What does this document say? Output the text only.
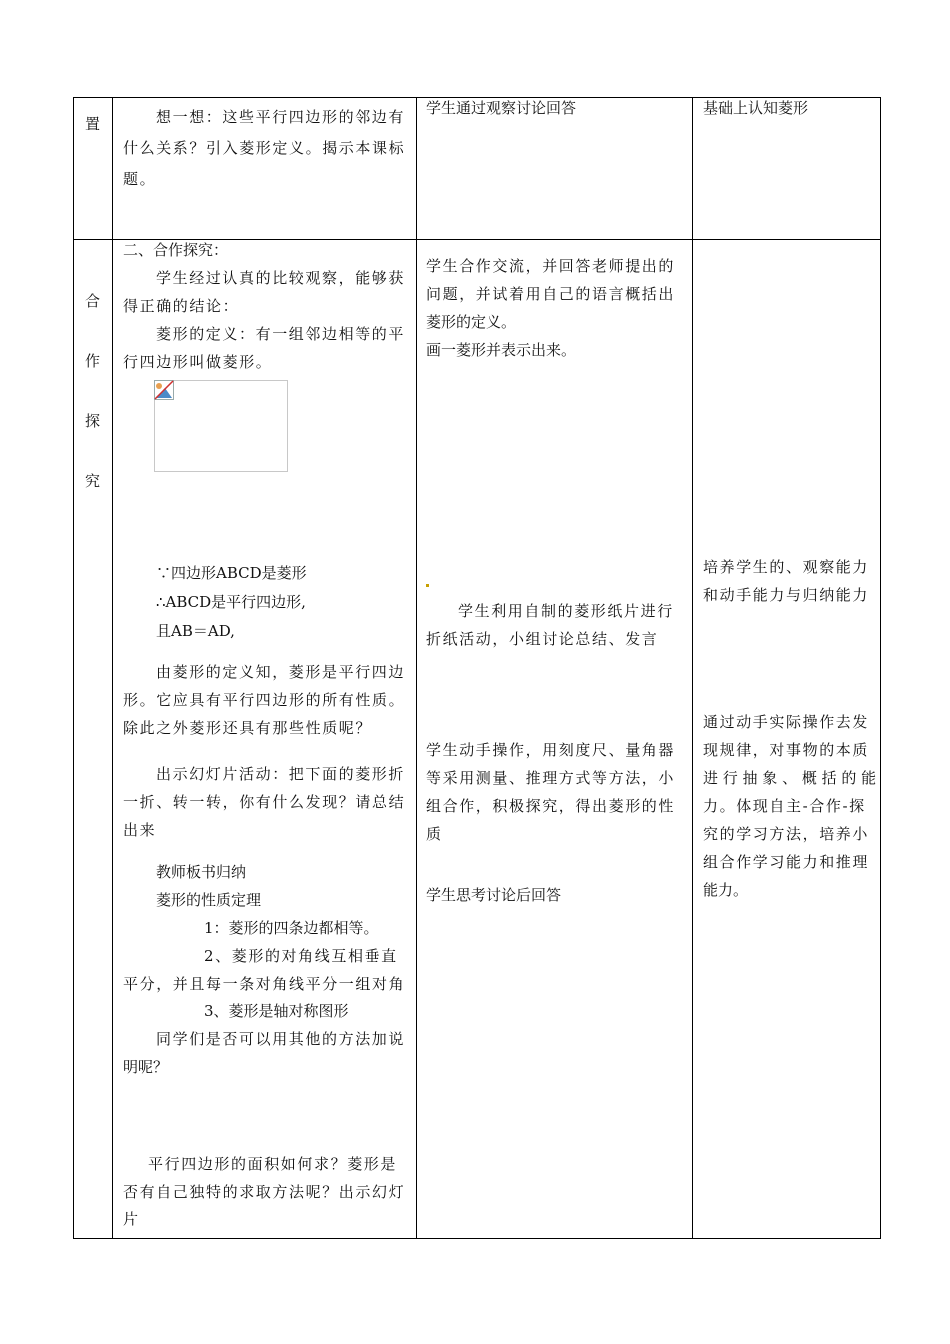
置	想一想：这些平行四边形的邻边有
什么关系？引入菱形定义。揭示本课标
题。
学生通过观察讨论回答	基础上认知菱形
合
作
探
究
二、合作探究：
学生经过认真的比较观察，能够获
得正确的结论：
菱形的定义：有一组邻边相等的平
行四边形叫做菱形。
∵四边形ABCD是菱形
∴ABCD是平行四边形,
且AB＝AD,
由菱形的定义知，菱形是平行四边
形。它应具有平行四边形的所有性质。
除此之外菱形还具有那些性质呢？
出示幻灯片活动：把下面的菱形折
一折、转一转，你有什么发现？请总结
出来
教师板书归纳
菱形的性质定理
1：菱形的四条边都相等。
2、菱形的对角线互相垂直
平分，并且每一条对角线平分一组对角
3、菱形是轴对称图形
同学们是否可以用其他的方法加说
明呢？
平行四边形的面积如何求？菱形是
否有自己独特的求取方法呢？出示幻灯
片
学生合作交流，并回答老师提出的
问题，并试着用自己的语言概括出
菱形的定义。
画一菱形并表示出来。
学生利用自制的菱形纸片进行
折纸活动，小组讨论总结、发言
学生动手操作，用刻度尺、量角器
等采用测量、推理方式等方法，小
组合作，积极探究，得出菱形的性
质
学生思考讨论后回答
培养学生的、观察能力
和动手能力与归纳能力
通过动手实际操作去发
现规律，对事物的本质
进 行 抽 象 、 概 括 的 能
力。体现自主-合作-探
究的学习方法，培养小
组合作学习能力和推理
能力。
